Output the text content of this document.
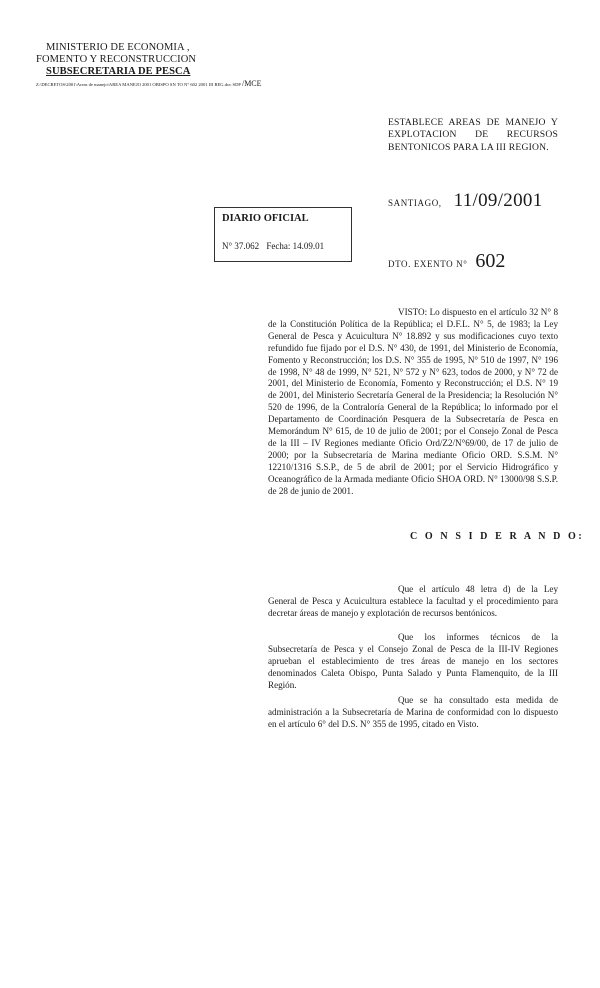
MINISTERIO DE ECONOMIA ,
FOMENTO Y RECONSTRUCCION
SUBSECRETARIA DE PESCA
Z:\DECRETOS\2001\Areas de manejo\AREA MANEJO 2001 OBISPO SN TO N° 602 2001 III REG.doc SDP /MCE
ESTABLECE AREAS DE MANEJO Y EXPLOTACION DE RECURSOS BENTONICOS PARA LA III REGION.
SANTIAGO, 11/09/2001
DIARIO OFICIAL
N° 37.062 Fecha: 14.09.01
DTO. EXENTO N° 602
VISTO: Lo dispuesto en el artículo 32 N° 8 de la Constitución Política de la República; el D.F.L. N° 5, de 1983; la Ley General de Pesca y Acuicultura N° 18.892 y sus modificaciones cuyo texto refundido fue fijado por el D.S. N° 430, de 1991, del Ministerio de Economía, Fomento y Reconstrucción; los D.S. N° 355 de 1995, N° 510 de 1997, N° 196 de 1998, N° 48 de 1999, N° 521, N° 572 y N° 623, todos de 2000, y N° 72 de 2001, del Ministerio de Economía, Fomento y Reconstrucción; el D.S. N° 19 de 2001, del Ministerio Secretaría General de la Presidencia; la Resolución N° 520 de 1996, de la Contraloría General de la República; lo informado por el Departamento de Coordinación Pesquera de la Subsecretaría de Pesca en Memorándum N° 615, de 10 de julio de 2001; por el Consejo Zonal de Pesca de la III – IV Regiones mediante Oficio Ord/Z2/N°69/00, de 17 de julio de 2000; por la Subsecretaría de Marina mediante Oficio ORD. S.S.M. N° 12210/1316 S.S.P., de 5 de abril de 2001; por el Servicio Hidrográfico y Oceanográfico de la Armada mediante Oficio SHOA ORD. N° 13000/98 S.S.P. de 28 de junio de 2001.
C O N S I D E R A N D O:
Que el artículo 48 letra d) de la Ley General de Pesca y Acuicultura establece la facultad y el procedimiento para decretar áreas de manejo y explotación de recursos bentónicos.
Que los informes técnicos de la Subsecretaría de Pesca y el Consejo Zonal de Pesca de la III-IV Regiones aprueban el establecimiento de tres áreas de manejo en los sectores denominados Caleta Obispo, Punta Salado y Punta Flamenquito, de la III Región.
Que se ha consultado esta medida de administración a la Subsecretaría de Marina de conformidad con lo dispuesto en el artículo 6° del D.S. N° 355 de 1995, citado en Visto.
